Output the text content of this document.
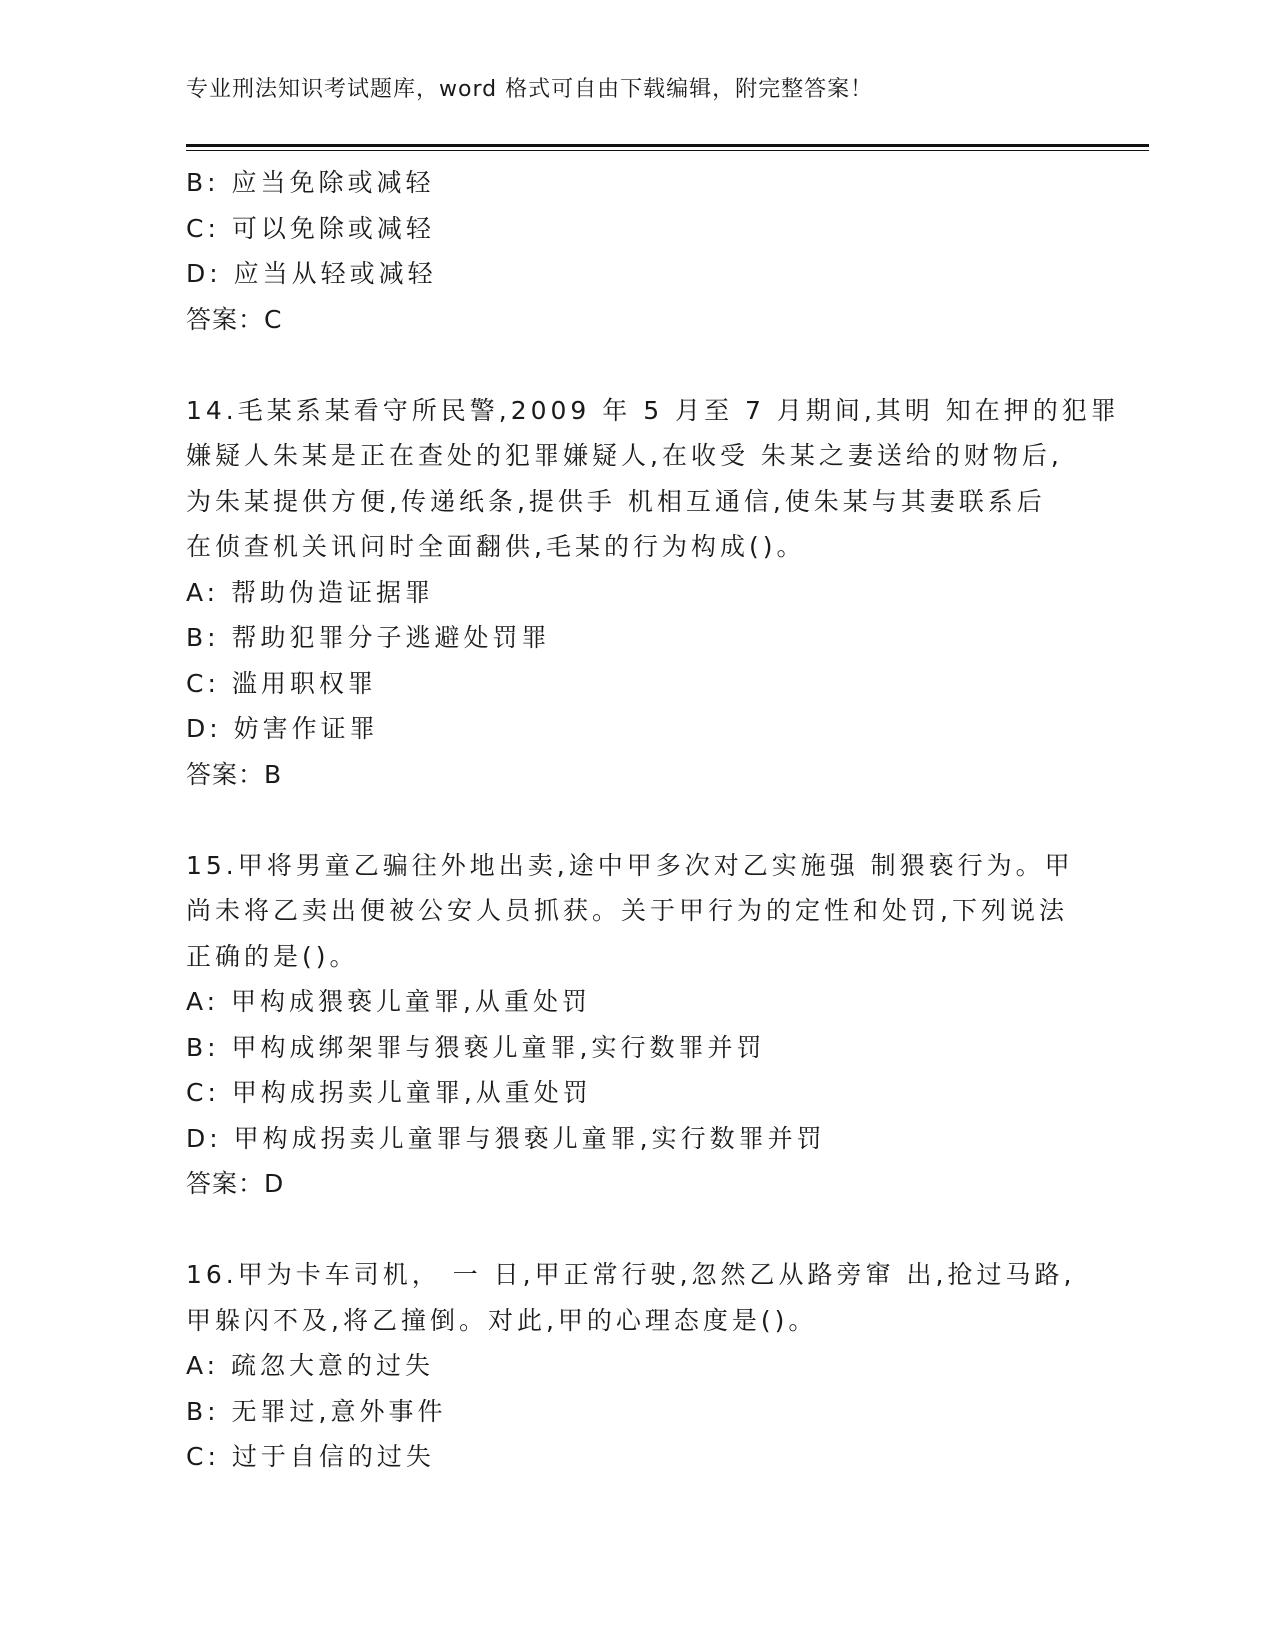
专业刑法知识考试题库，word 格式可自由下载编辑，附完整答案！
B: 应当免除或减轻
C: 可以免除或减轻
D: 应当从轻或减轻
答案：C
14.毛某系某看守所民警,2009 年 5 月至 7 月期间,其明 知在押的犯罪
嫌疑人朱某是正在查处的犯罪嫌疑人,在收受 朱某之妻送给的财物后,
为朱某提供方便,传递纸条,提供手 机相互通信,使朱某与其妻联系后
在侦查机关讯问时全面翻供,毛某的行为构成()。
A: 帮助伪造证据罪
B: 帮助犯罪分子逃避处罚罪
C: 滥用职权罪
D: 妨害作证罪
答案：B
15.甲将男童乙骗往外地出卖,途中甲多次对乙实施强 制猥亵行为。甲
尚未将乙卖出便被公安人员抓获。关于甲行为的定性和处罚,下列说法
正确的是()。
A: 甲构成猥亵儿童罪,从重处罚
B: 甲构成绑架罪与猥亵儿童罪,实行数罪并罚
C: 甲构成拐卖儿童罪,从重处罚
D: 甲构成拐卖儿童罪与猥亵儿童罪,实行数罪并罚
答案：D
16.甲为卡车司机， 一 日,甲正常行驶,忽然乙从路旁窜 出,抢过马路,
甲躲闪不及,将乙撞倒。对此,甲的心理态度是()。
A: 疏忽大意的过失
B: 无罪过,意外事件
C: 过于自信的过失
